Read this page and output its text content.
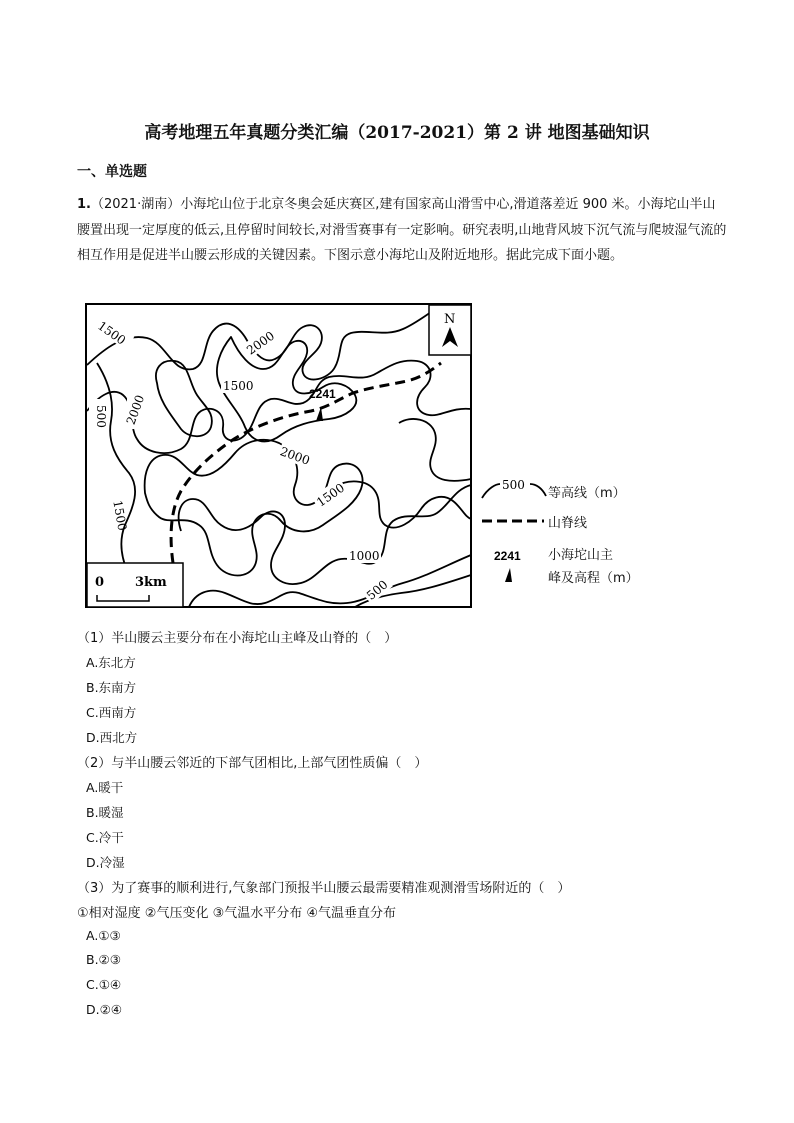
高考地理五年真题分类汇编（2017-2021）第 2 讲 地图基础知识
一、单选题
1.（2021·湖南）小海坨山位于北京冬奥会延庆赛区,建有国家高山滑雪中心,滑道落差近 900 米。小海坨山半山腰置出现一定厚度的低云,且停留时间较长,对滑雪赛事有一定影响。研究表明,山地背风坡下沉气流与爬坡湿气流的相互作用是促进半山腰云形成的关键因素。下图示意小海坨山及附近地形。据此完成下面小题。
1500	2000
1500
500 2000	2241
2000
1500
1500
1000
500
N
0 3km
500
2241
等高线（m）
山脊线
小海坨山主
峰及高程（m）
（1）半山腰云主要分布在小海坨山主峰及山脊的（　）
A.东北方
B.东南方
C.西南方
D.西北方
（2）与半山腰云邻近的下部气团相比,上部气团性质偏（　）
A.暖干
B.暖湿
C.冷干
D.冷湿
（3）为了赛事的顺利进行,气象部门预报半山腰云最需要精准观测滑雪场附近的（　）
①相对湿度 ②气压变化 ③气温水平分布 ④气温垂直分布
A.①③
B.②③
C.①④
D.②④
